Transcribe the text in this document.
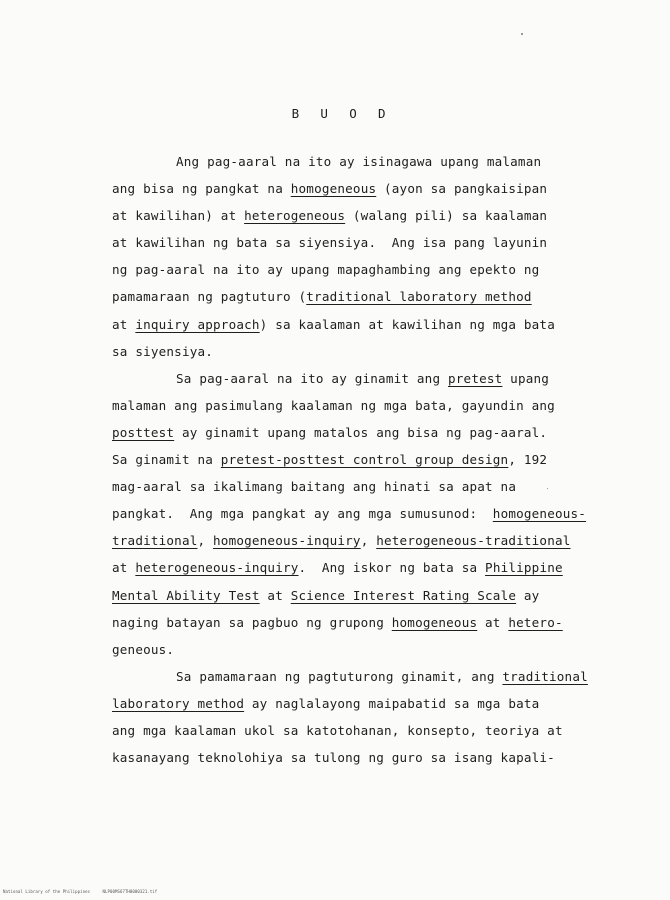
B U O D
Ang pag-aaral na ito ay isinagawa upang malaman
ang bisa ng pangkat na homogeneous (ayon sa pangkaisipan
at kawilihan) at heterogeneous (walang pili) sa kaalaman
at kawilihan ng bata sa siyensiya.  Ang isa pang layunin
ng pag-aaral na ito ay upang mapaghambing ang epekto ng
pamamaraan ng pagtuturo (traditional laboratory method
at inquiry approach) sa kaalaman at kawilihan ng mga bata
sa siyensiya.
Sa pag-aaral na ito ay ginamit ang pretest upang
malaman ang pasimulang kaalaman ng mga bata, gayundin ang
posttest ay ginamit upang matalos ang bisa ng pag-aaral.
Sa ginamit na pretest-posttest control group design, 192
mag-aaral sa ikalimang baitang ang hinati sa apat na
pangkat.  Ang mga pangkat ay ang mga sumusunod:  homogeneous-
traditional, homogeneous-inquiry, heterogeneous-traditional
at heterogeneous-inquiry.  Ang iskor ng bata sa Philippine
Mental Ability Test at Science Interest Rating Scale ay
naging batayan sa pagbuo ng grupong homogeneous at hetero-
geneous.
Sa pamamaraan ng pagtuturong ginamit, ang traditional
laboratory method ay naglalayong maipabatid sa mga bata
ang mga kaalaman ukol sa katotohanan, konsepto, teoriya at
kasanayang teknolohiya sa tulong ng guro sa isang kapali-
National Library of the Philippines	NLP00MS67TH0000321.tif
